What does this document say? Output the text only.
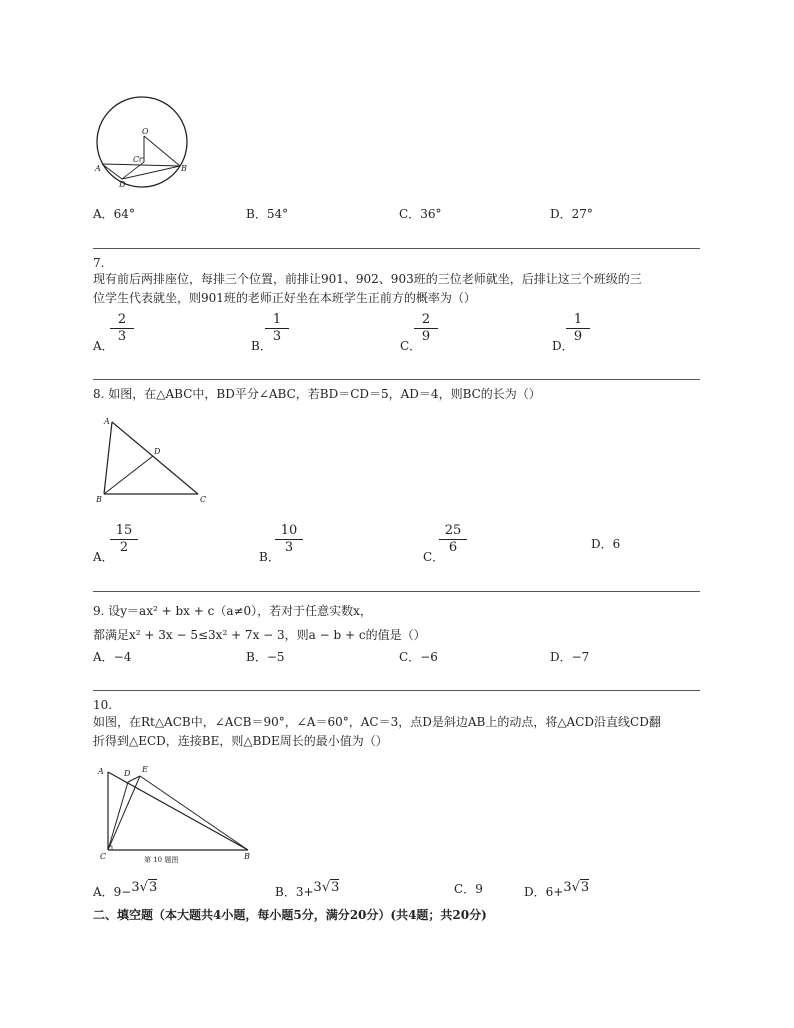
O
C
A	B
D
A．64°	B．54°	C．36°	D．27°
7.
现有前后两排座位，每排三个位置，前排让901、902、903班的三位老师就坐，后排让这三个班级的三
位学生代表就坐，则901班的老师正好坐在本班学生正前方的概率为（）
A．
$\frac{2}{3}$
B．
$\frac{1}{3}$
C．
$\frac{2}{9}$
D．
$\frac{1}{9}$
8. 如图，在△ABC中，BD平分∠ABC，若BD＝CD＝5，AD＝4，则BC的长为（）
A
D
B	C
A．
$\frac{15}{2}$
B．
$\frac{10}{3}$
C．
$\frac{25}{6}$	D．6
9. 设y＝ax² + bx + c（a≠0），若对于任意实数x，
都满足x² + 3x − 5≤3x² + 7x − 3，则a − b + c的值是（）
A．−4	B．−5	C．−6	D．−7
10.
如图，在Rt△ACB中，∠ACB＝90°，∠A＝60°，AC＝3，点D是斜边AB上的动点，将△ACD沿直线CD翻
折得到△ECD，连接BE，则△BDE周长的最小值为（）
A	D E
C	B
第 10 题图
A．9−$^{3√3}$	B．3+$^{3√3}$	C．9	D．6+$^{3√3}$
二、填空题（本大题共4小题，每小题5分，满分20分）(共4题；共20分)
